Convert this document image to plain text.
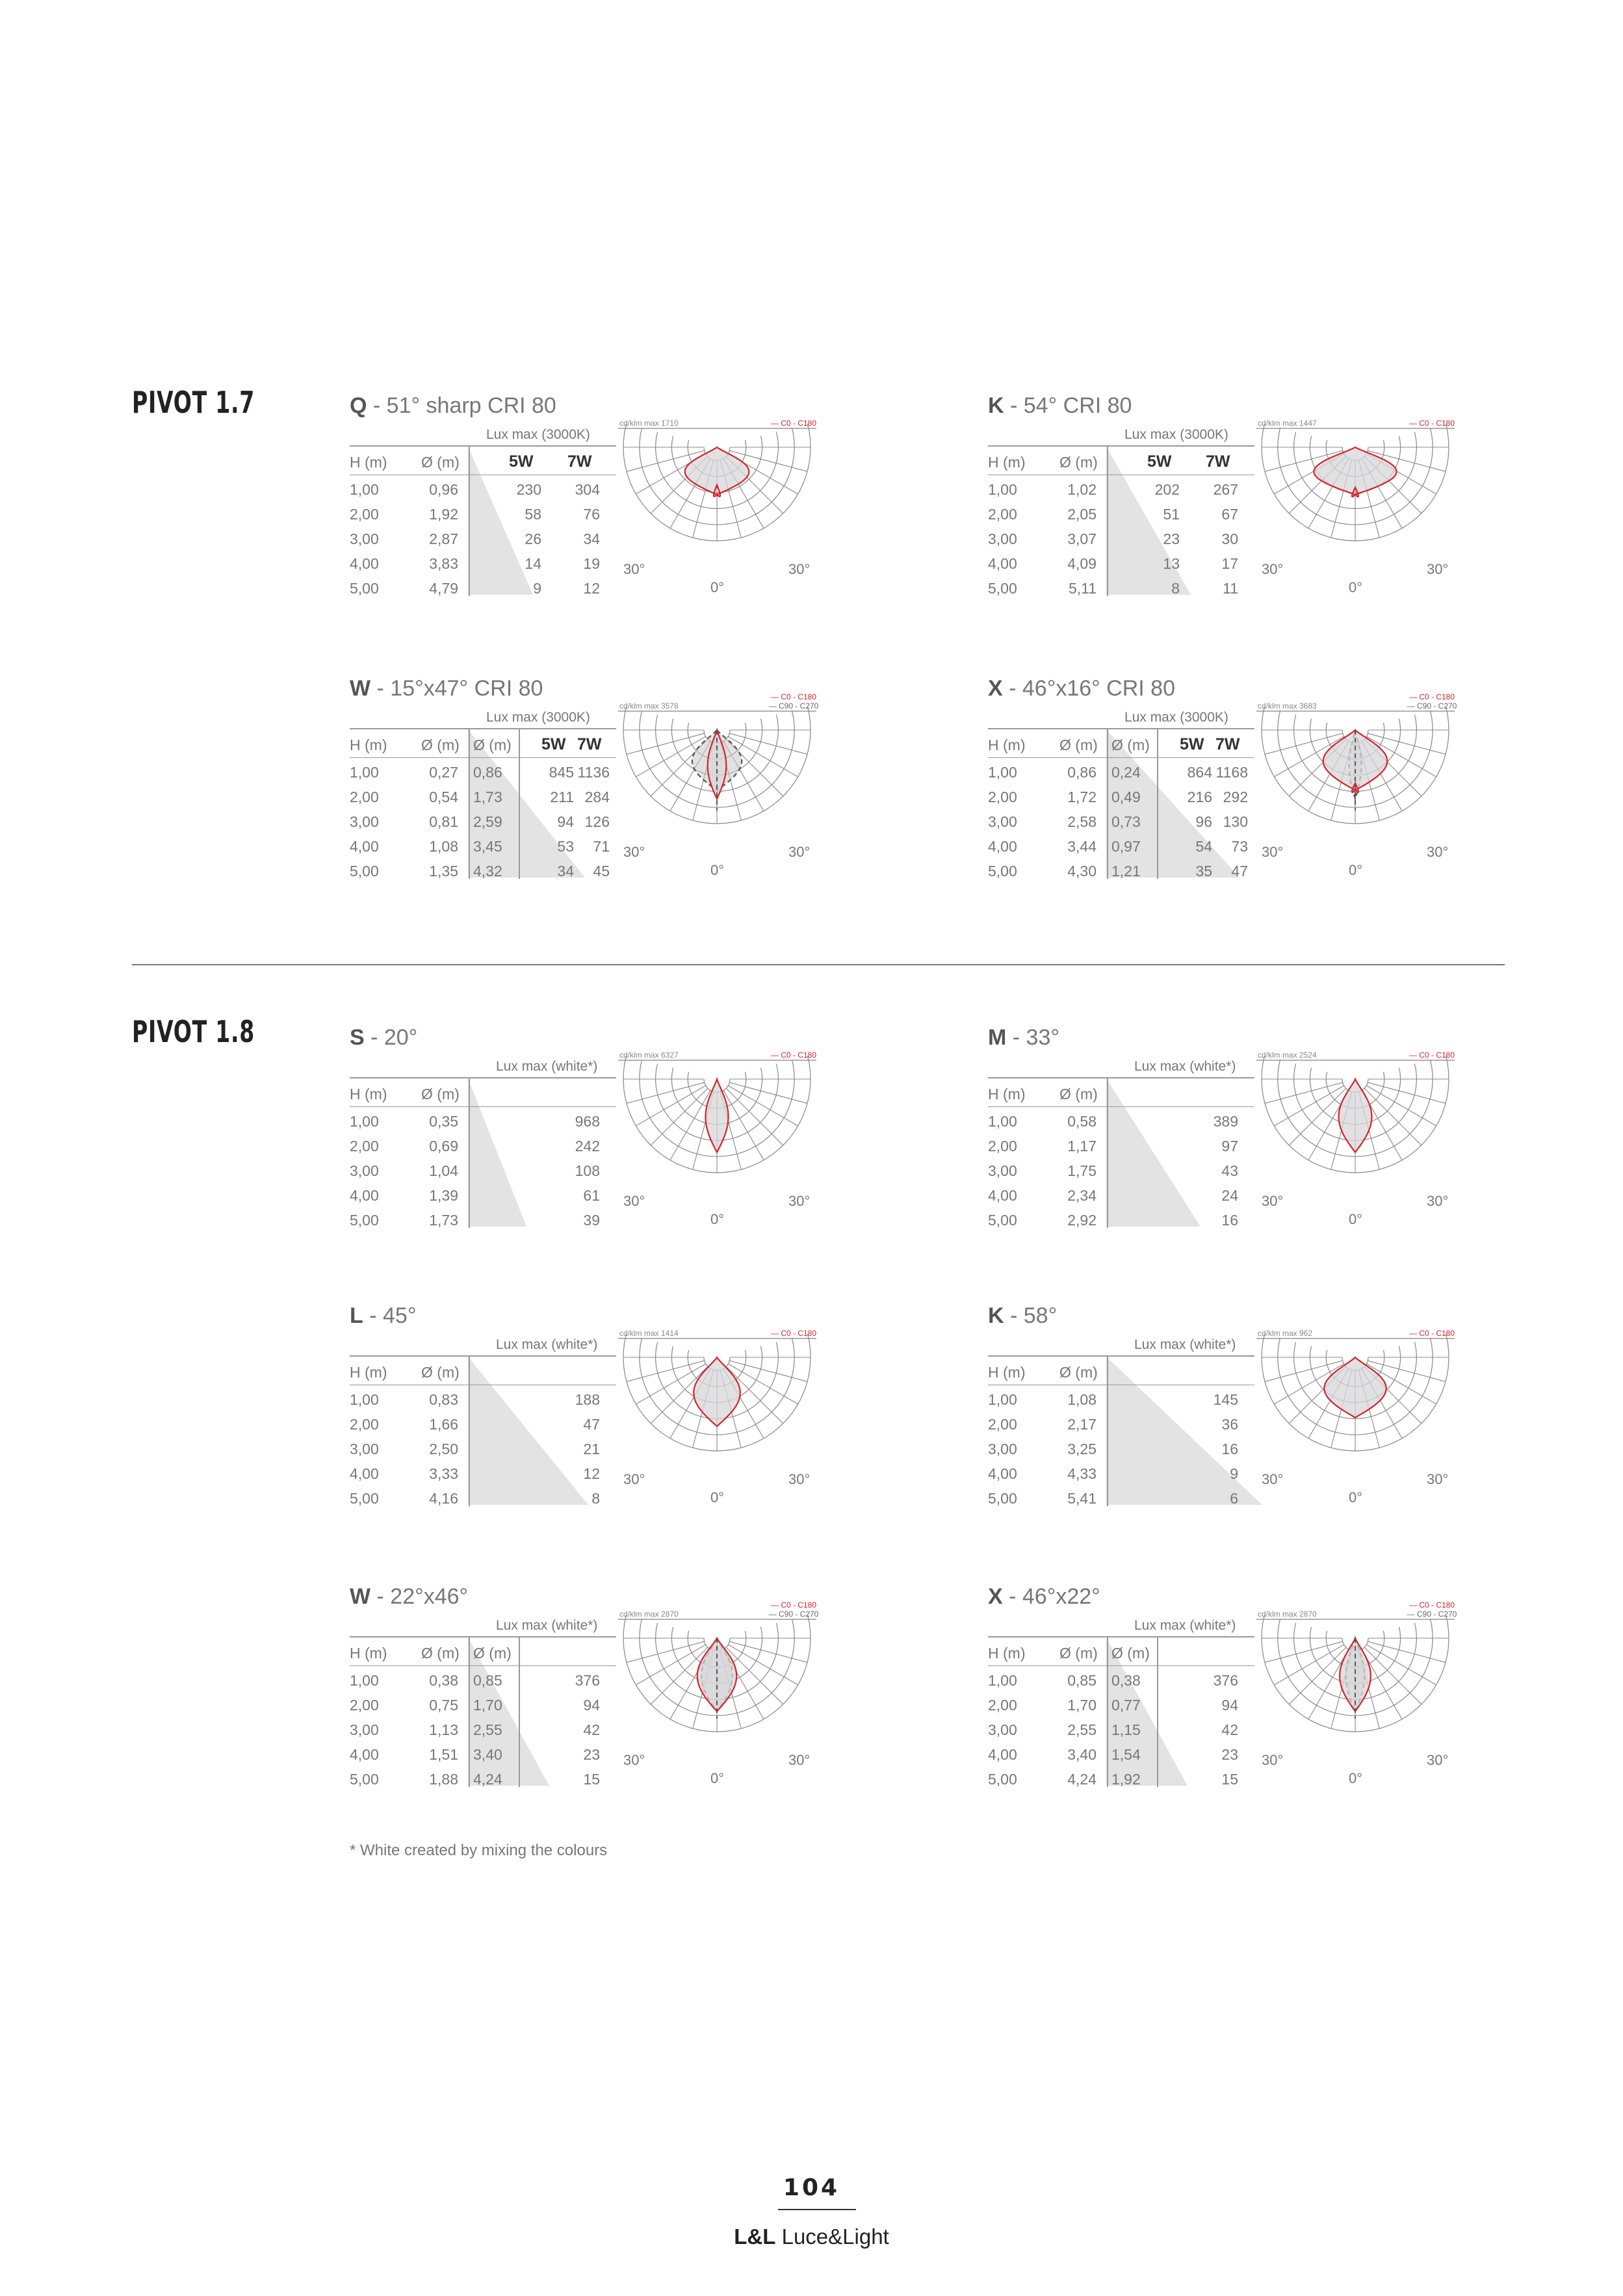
PIVOT 1.7
PIVOT 1.8
Q - 51° sharp CRI 80
Lux max (3000K)
H (m) Ø (m)	5W 7W
1,00	0,96	230 304
2,00	1,92	58	76
3,00	2,87	26	34
4,00	3,83	14	19
5,00	4,79	9	12
cd/klm max 1710	— C0 - C180
30°	30°
0°
K - 54° CRI 80
Lux max (3000K)
H (m) Ø (m)	5W 7W
1,00	1,02	202 267
2,00	2,05	51	67
3,00	3,07	23	30
4,00	4,09	13	17
5,00	5,11	8	11
cd/klm max 1447	— C0 - C180
30°	30°
0°
W - 15°x47° CRI 80
Lux max (3000K)
H (m) Ø (m) Ø (m) 5W 7W
1,00	0,27 0,86	845 1136
2,00	0,54 1,73	211 284
3,00	0,81 2,59	94 126
4,00	1,08 3,45	53 71
5,00	1,35 4,32	34 45
cd/klm max 3578
— C0 - C180
— C90 - C270
30°	30°
0°
X - 46°x16° CRI 80
Lux max (3000K)
H (m) Ø (m) Ø (m) 5W 7W
1,00	0,86 0,24	864 1168
2,00	1,72 0,49	216 292
3,00	2,58 0,73	96 130
4,00	3,44 0,97	54 73
5,00	4,30 1,21	35 47
cd/klm max 3683
— C0 - C180
— C90 - C270
30°	30°
0°
S - 20°
Lux max (white*)
H (m) Ø (m)
1,00	0,35	968
2,00	0,69	242
3,00	1,04	108
4,00	1,39	61
5,00	1,73	39
cd/klm max 6327	— C0 - C180
30°	30°
0°
M - 33°
Lux max (white*)
H (m) Ø (m)
1,00	0,58	389
2,00	1,17	97
3,00	1,75	43
4,00	2,34	24
5,00	2,92	16
cd/klm max 2524	— C0 - C180
30°	30°
0°
L - 45°
Lux max (white*)
H (m) Ø (m)
1,00	0,83	188
2,00	1,66	47
3,00	2,50	21
4,00	3,33	12
5,00	4,16	8
cd/klm max 1414	— C0 - C180
30°	30°
0°
K - 58°
Lux max (white*)
H (m) Ø (m)
1,00	1,08	145
2,00	2,17	36
3,00	3,25	16
4,00	4,33	9
5,00	5,41	6
cd/klm max 962	— C0 - C180
30°	30°
0°
W - 22°x46°
Lux max (white*)
H (m) Ø (m) Ø (m)
1,00	0,38 0,85	376
2,00	0,75 1,70	94
3,00	1,13 2,55	42
4,00	1,51 3,40	23
5,00	1,88 4,24	15
cd/klm max 2870
— C0 - C180
— C90 - C270
30°	30°
0°
X - 46°x22°
Lux max (white*)
H (m) Ø (m) Ø (m)
1,00	0,85 0,38	376
2,00	1,70 0,77	94
3,00	2,55 1,15	42
4,00	3,40 1,54	23
5,00	4,24 1,92	15
cd/klm max 2870
— C0 - C180
— C90 - C270
30°	30°
0°
* White created by mixing the colours
104
L&L Luce&Light
